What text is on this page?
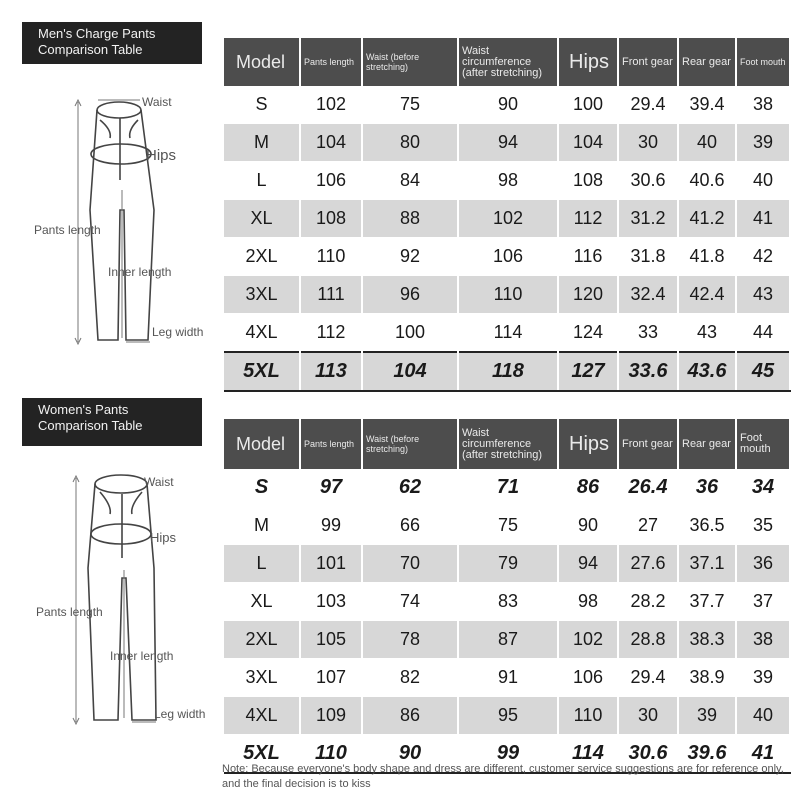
Men's Charge Pants Comparison Table
Waist
Hips
Pants length
Inner length
Leg width
Model	Pants length	Waist (before stretching)	Waist circumference (after stretching)	Hips	Front gear	Rear gear	Foot mouth
S	102	75	90	100	29.4	39.4	38
M	104	80	94	104	30	40	39
L	106	84	98	108	30.6	40.6	40
XL	108	88	102	112	31.2	41.2	41
2XL	110	92	106	116	31.8	41.8	42
3XL	111	96	110	120	32.4	42.4	43
4XL	112	100	114	124	33	43	44
5XL	113	104	118	127	33.6	43.6	45
Women's Pants Comparison Table
Waist
Hips
Pants length
Inner length
Leg width
Model	Pants length	Waist (before stretching)	Waist circumference (after stretching)	Hips	Front gear	Rear gear	Foot mouth
S	97	62	71	86	26.4	36	34
M	99	66	75	90	27	36.5	35
L	101	70	79	94	27.6	37.1	36
XL	103	74	83	98	28.2	37.7	37
2XL	105	78	87	102	28.8	38.3	38
3XL	107	82	91	106	29.4	38.9	39
4XL	109	86	95	110	30	39	40
5XL	110	90	99	114	30.6	39.6	41
Note: Because everyone's body shape and dress are different, customer service suggestions are for reference only, and the final decision is to kiss
